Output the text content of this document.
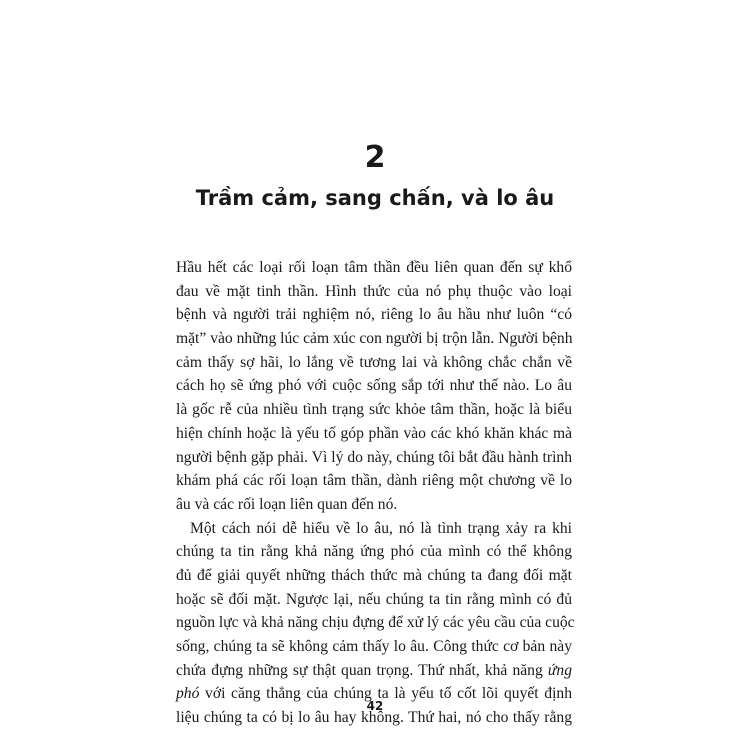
2
Trầm cảm, sang chấn, và lo âu
Hầu hết các loại rối loạn tâm thần đều liên quan đến sự khổ
đau về mặt tinh thần. Hình thức của nó phụ thuộc vào loại
bệnh và người trải nghiệm nó, riêng lo âu hầu như luôn “có
mặt” vào những lúc cảm xúc con người bị trộn lẫn. Người bệnh
cảm thấy sợ hãi, lo lắng về tương lai và không chắc chắn về
cách họ sẽ ứng phó với cuộc sống sắp tới như thế nào. Lo âu
là gốc rễ của nhiều tình trạng sức khỏe tâm thần, hoặc là biểu
hiện chính hoặc là yếu tố góp phần vào các khó khăn khác mà
người bệnh gặp phải. Vì lý do này, chúng tôi bắt đầu hành trình
khám phá các rối loạn tâm thần, dành riêng một chương về lo
âu và các rối loạn liên quan đến nó.
Một cách nói dễ hiểu về lo âu, nó là tình trạng xảy ra khi
chúng ta tin rằng khả năng ứng phó của mình có thể không
đủ để giải quyết những thách thức mà chúng ta đang đối mặt
hoặc sẽ đối mặt. Ngược lại, nếu chúng ta tin rằng mình có đủ
nguồn lực và khả năng chịu đựng để xử lý các yêu cầu của cuộc
sống, chúng ta sẽ không cảm thấy lo âu. Công thức cơ bản này
chứa đựng những sự thật quan trọng. Thứ nhất, khả năng ứng
phó với căng thẳng của chúng ta là yếu tố cốt lõi quyết định
liệu chúng ta có bị lo âu hay không. Thứ hai, nó cho thấy rằng
42
